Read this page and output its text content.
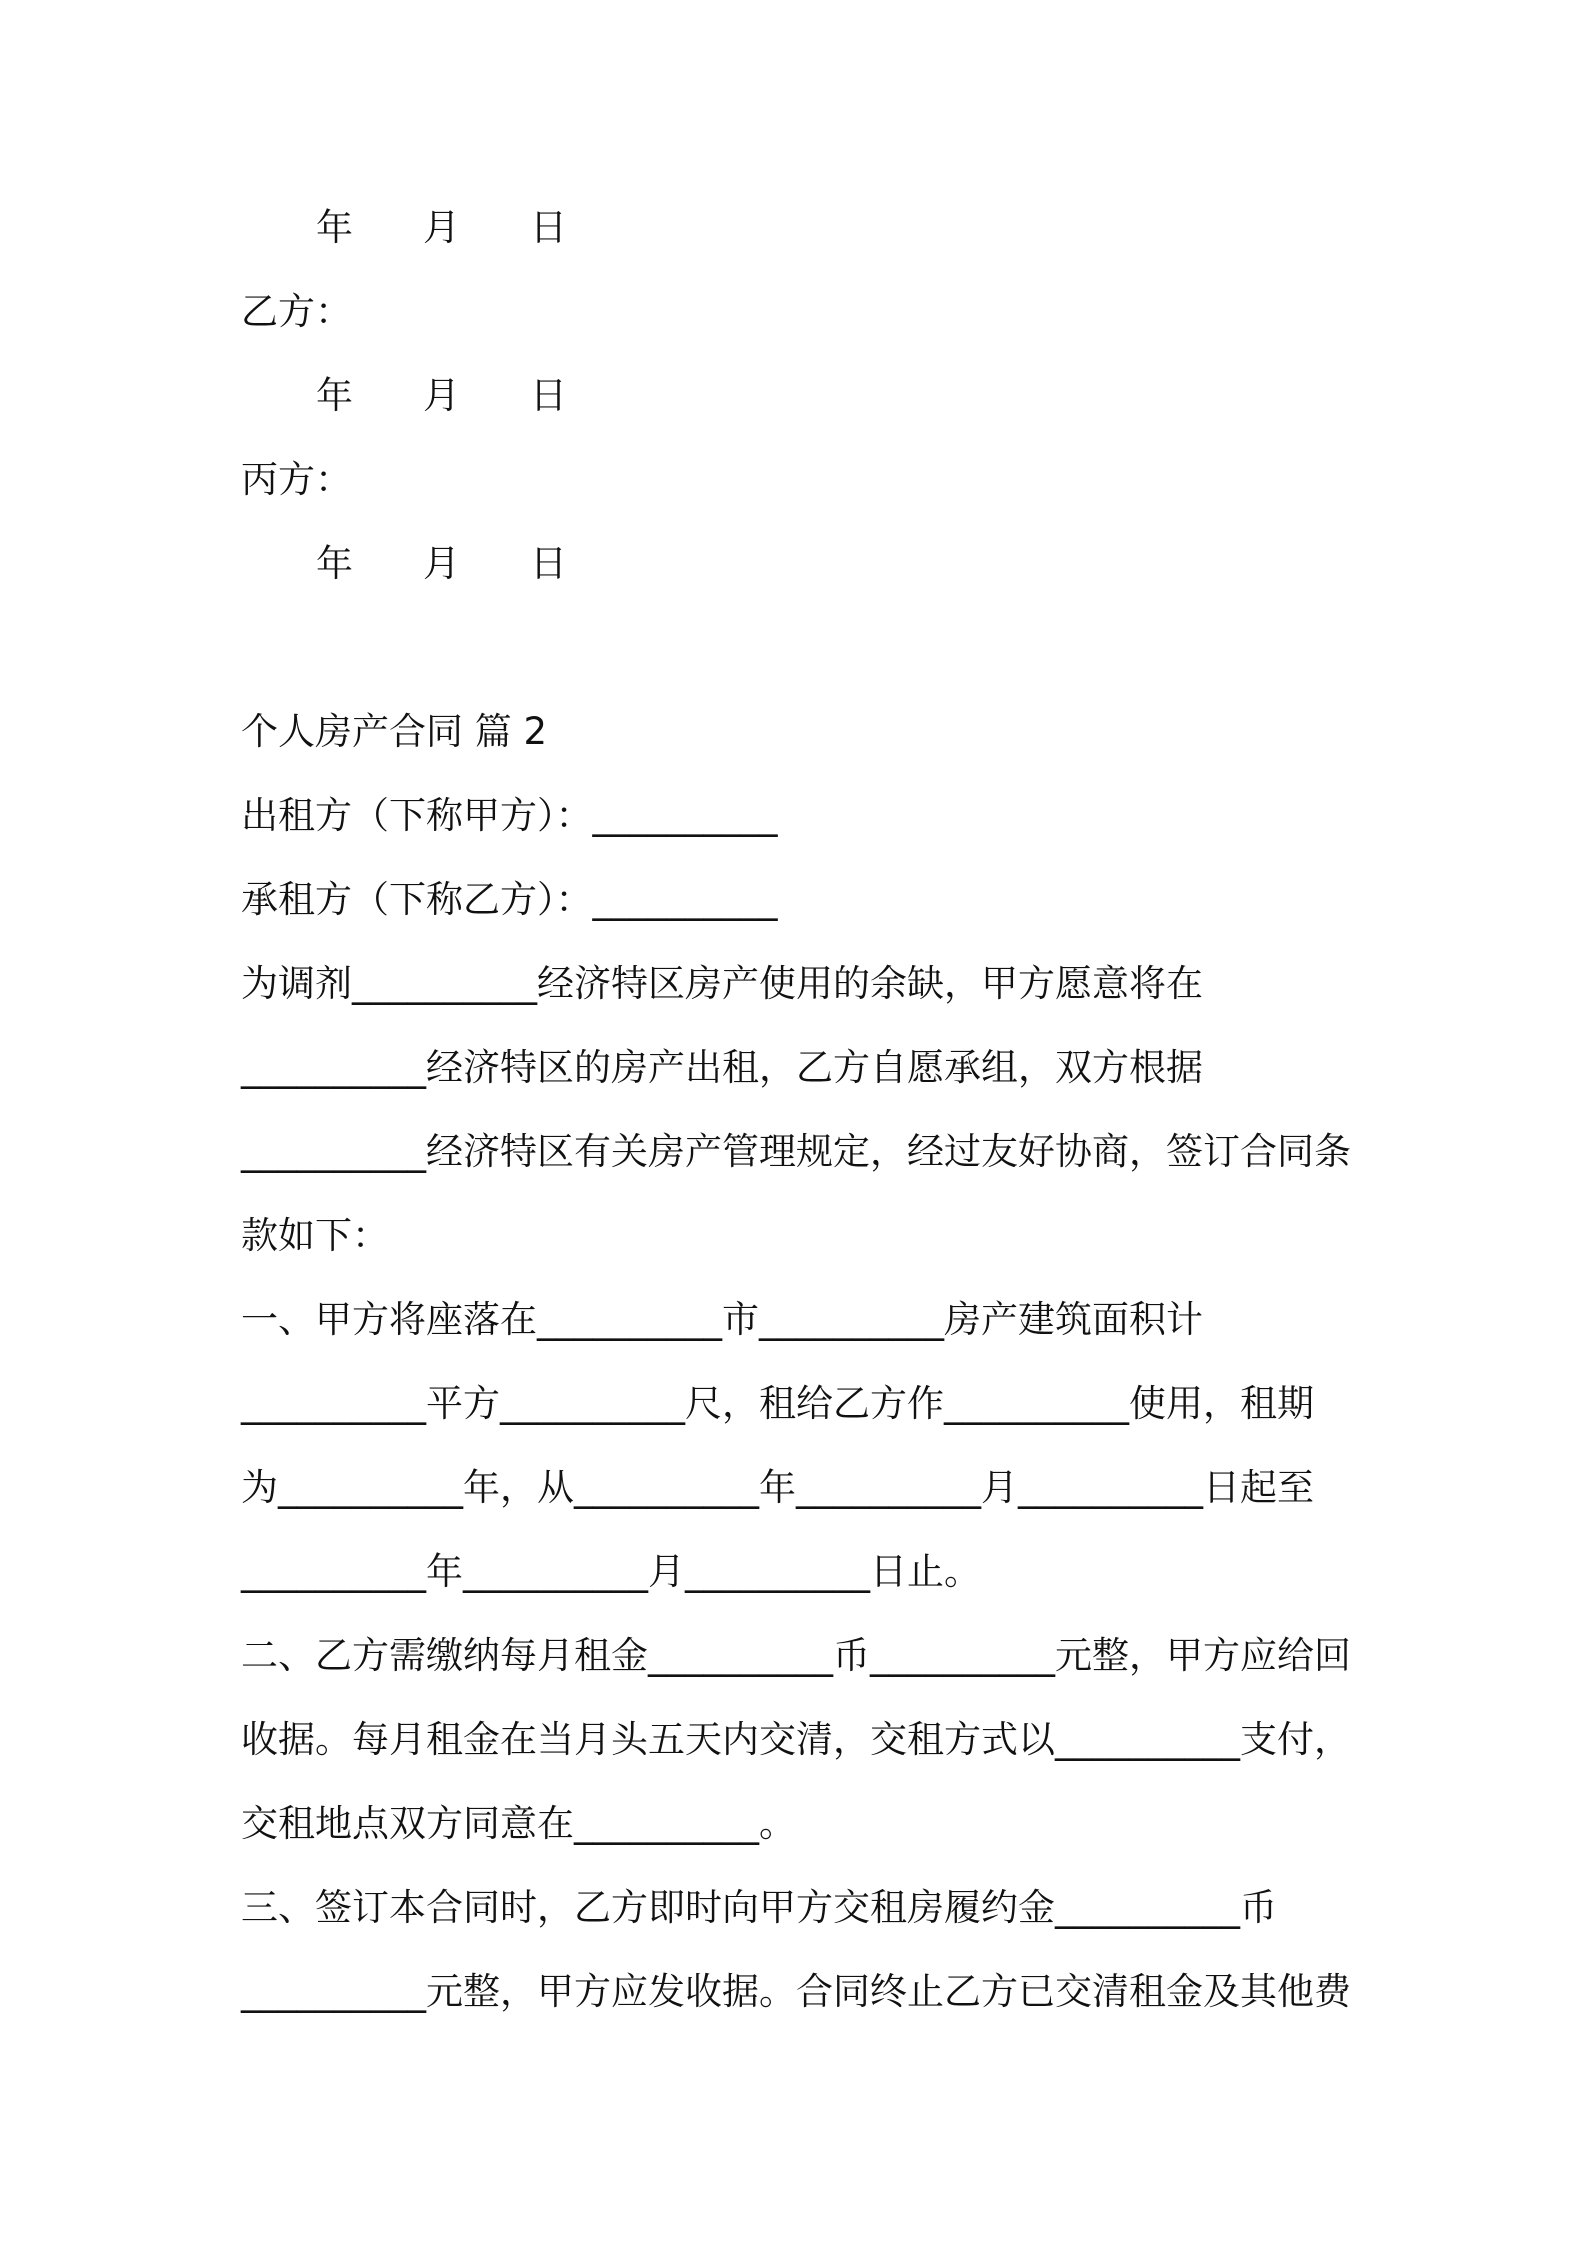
年 月 日
乙方：
年 月 日
丙方：
年 月 日
个人房产合同 篇 2
出租方（下称甲方）：__________
承租方（下称乙方）：__________
为调剂__________经济特区房产使用的余缺，甲方愿意将在
__________经济特区的房产出租，乙方自愿承组，双方根据
__________经济特区有关房产管理规定，经过友好协商，签订合同条
款如下：
一、甲方将座落在__________市__________房产建筑面积计
__________平方__________尺，租给乙方作__________使用，租期
为__________年，从__________年__________月__________日起至
__________年__________月__________日止。
二、乙方需缴纳每月租金__________币__________元整，甲方应给回
收据。每月租金在当月头五天内交清，交租方式以__________支付，
交租地点双方同意在__________。
三、签订本合同时，乙方即时向甲方交租房履约金__________币
__________元整，甲方应发收据。合同终止乙方已交清租金及其他费
